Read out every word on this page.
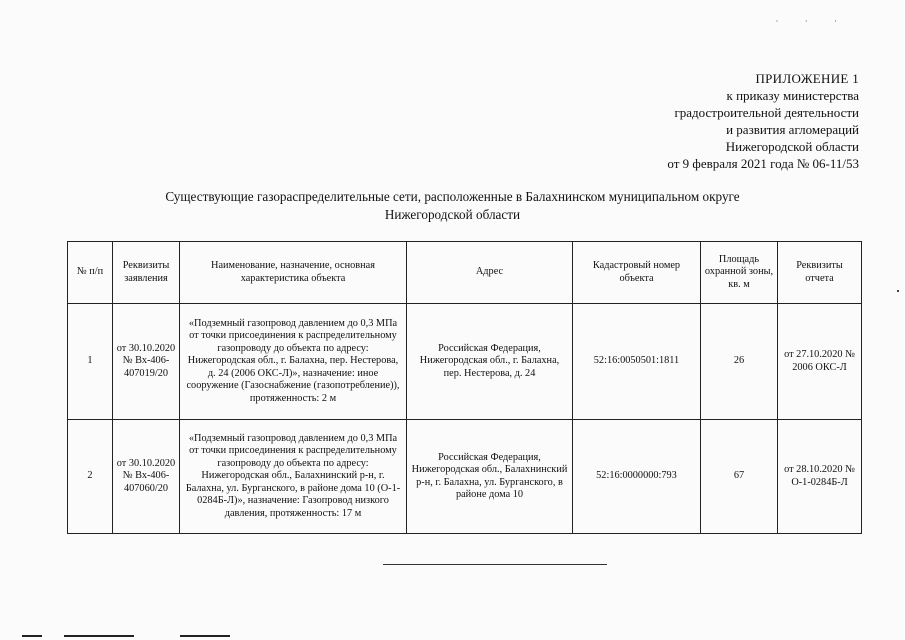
· · ·
ПРИЛОЖЕНИЕ 1
к приказу министерства
градостроительной деятельности
и развития агломераций
Нижегородской области
от 9 февраля 2021 года № 06-11/53
Существующие газораспределительные сети, расположенные в Балахнинском муниципальном округе
Нижегородской области
№ п/п	Реквизиты заявления	Наименование, назначение, основная характеристика объекта	Адрес	Кадастровый номер объекта	Площадь охранной зоны, кв. м	Реквизиты отчета
1	от 30.10.2020 № Вх-406-407019/20	«Подземный газопровод давлением до 0,3 МПа от точки присоединения к распределительному газопроводу до объекта по адресу: Нижегородская обл., г. Балахна, пер. Нестерова, д. 24 (2006 ОКС-Л)», назначение: иное сооружение (Газоснабжение (газопотребление)), протяженность: 2 м	Российская Федерация, Нижегородская обл., г. Балахна, пер. Нестерова, д. 24	52:16:0050501:1811	26	от 27.10.2020 № 2006 ОКС-Л
2	от 30.10.2020 № Вх-406-407060/20	«Подземный газопровод давлением до 0,3 МПа от точки присоединения к распределительному газопроводу до объекта по адресу: Нижегородская обл., Балахнинский р-н, г. Балахна, ул. Бурганского, в районе дома 10 (О-1-0284Б-Л)», назначение: Газопровод низкого давления, протяженность: 17 м	Российская Федерация, Нижегородская обл., Балахнинский р-н, г. Балахна, ул. Бурганского, в районе дома 10	52:16:0000000:793	67	от 28.10.2020 № О-1-0284Б-Л
